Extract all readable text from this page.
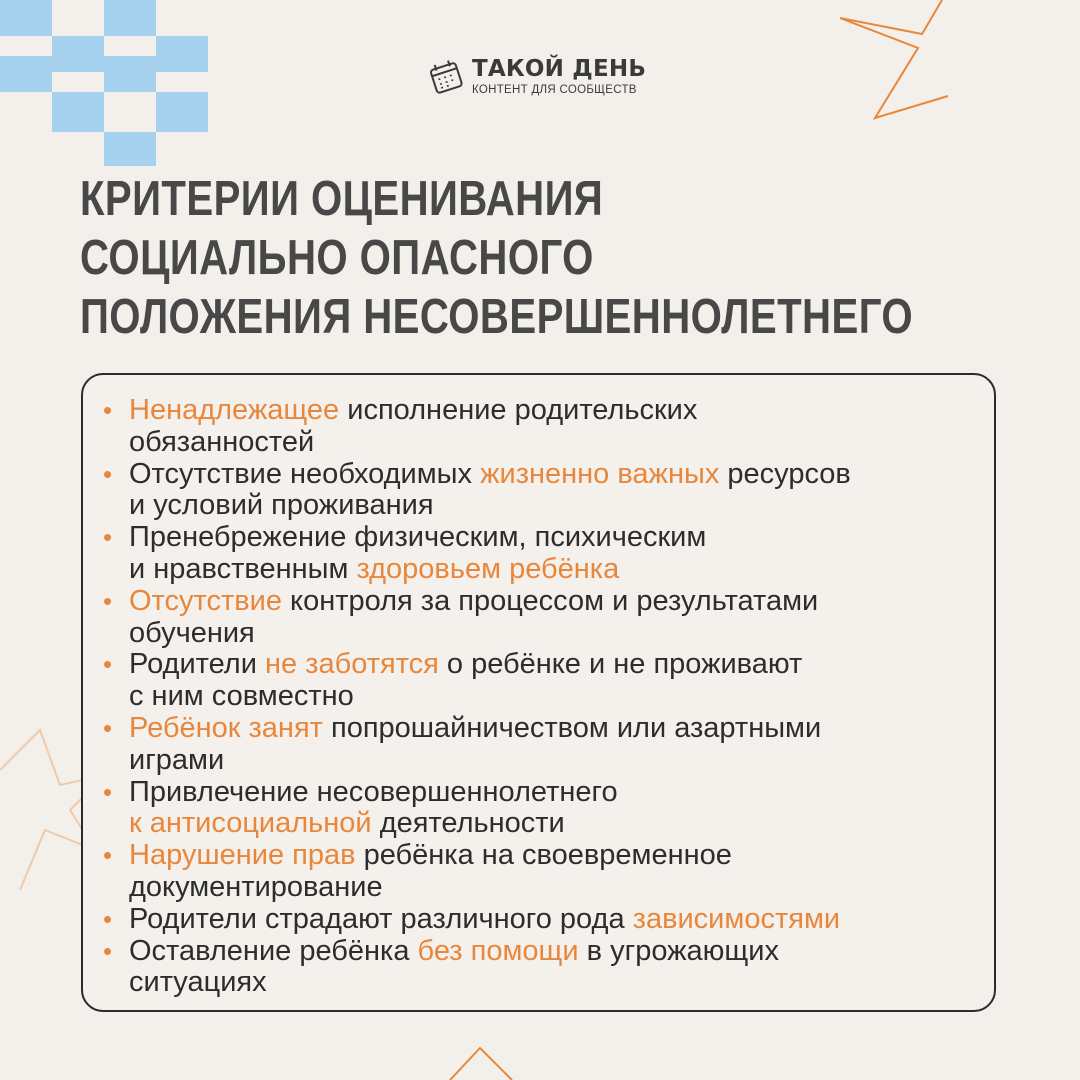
ТАКОЙ ДЕНЬ
КОНТЕНТ ДЛЯ СООБЩЕСТВ
КРИТЕРИИ ОЦЕНИВАНИЯ
СОЦИАЛЬНО ОПАСНОГО
ПОЛОЖЕНИЯ НЕСОВЕРШЕННОЛЕТНЕГО
• Ненадлежащее исполнение родительских
обязанностей
• Отсутствие необходимых жизненно важных ресурсов
и условий проживания
• Пренебрежение физическим, психическим
и нравственным здоровьем ребёнка
• Отсутствие контроля за процессом и результатами
обучения
• Родители не заботятся о ребёнке и не проживают
с ним совместно
• Ребёнок занят попрошайничеством или азартными
играми
• Привлечение несовершеннолетнего
к антисоциальной деятельности
• Нарушение прав ребёнка на своевременное
документирование
• Родители страдают различного рода зависимостями
• Оставление ребёнка без помощи в угрожающих
ситуациях
